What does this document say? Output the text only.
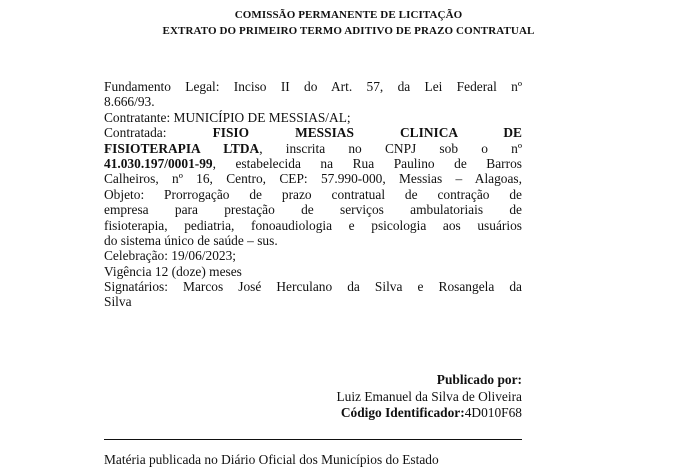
COMISSÃO PERMANENTE DE LICITAÇÃO
EXTRATO DO PRIMEIRO TERMO ADITIVO DE PRAZO CONTRATUAL
Fundamento Legal: Inciso II do Art. 57, da Lei Federal nº
8.666/93.
Contratante: MUNICÍPIO DE MESSIAS/AL;
Contratada:	FISIO MESSIAS CLINICA DE
FISIOTERAPIA LTDA, inscrita no CNPJ sob o nº
41.030.197/0001-99, estabelecida na Rua Paulino de Barros
Calheiros, nº 16, Centro, CEP: 57.990-000, Messias – Alagoas,
Objeto: Prorrogação de prazo contratual de contração de
empresa para prestação de serviços ambulatoriais de
fisioterapia, pediatria, fonoaudiologia e psicologia aos usuários
do sistema único de saúde – sus.
Celebração: 19/06/2023;
Vigência 12 (doze) meses
Signatários: Marcos José Herculano da Silva e Rosangela da
Silva
Publicado por:
Luiz Emanuel da Silva de Oliveira
Código Identificador:4D010F68
Matéria publicada no Diário Oficial dos Municípios do Estado
